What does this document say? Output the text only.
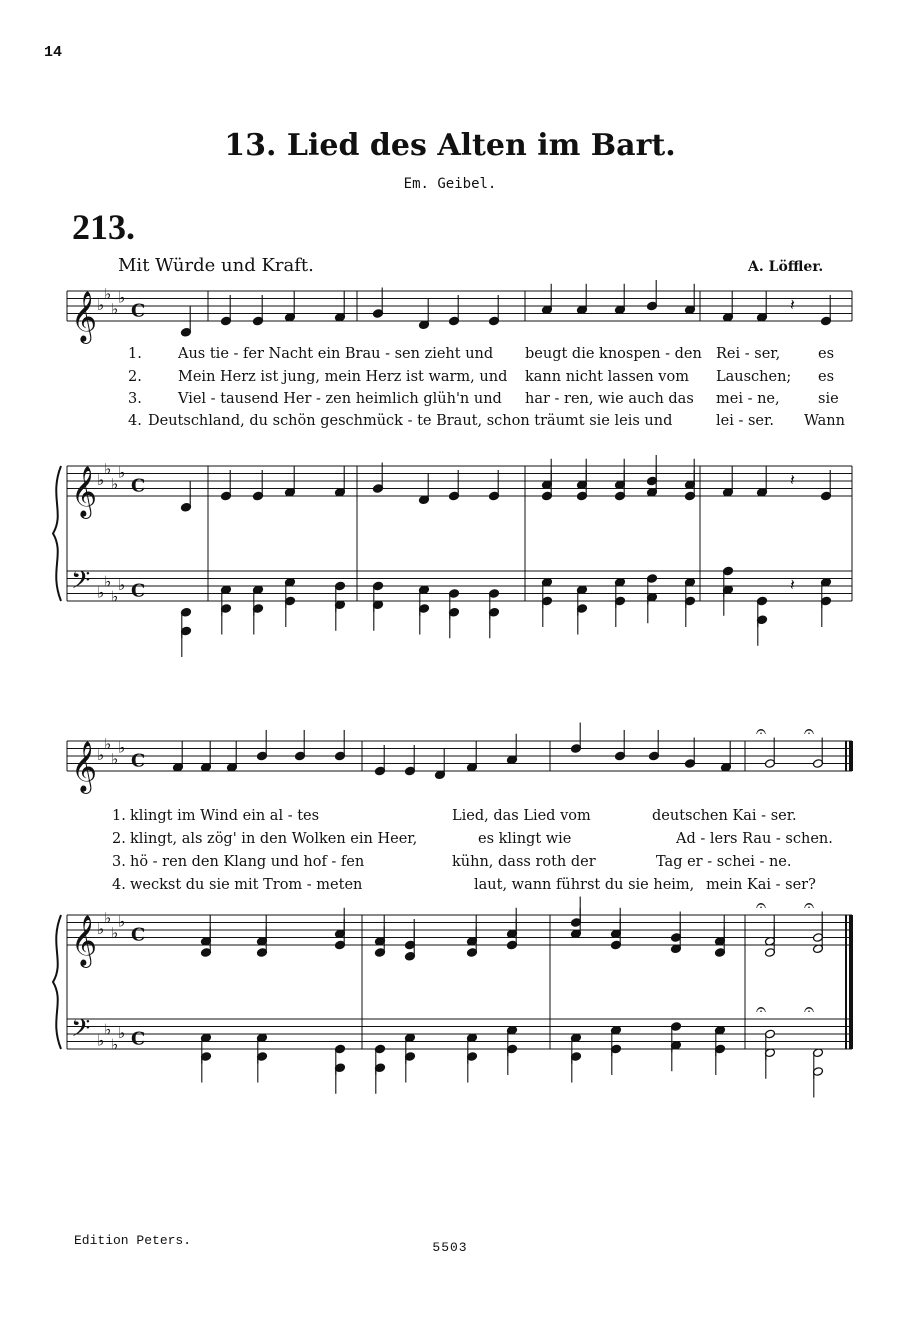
14
13. Lied des Alten im Bart.
Em. Geibel.
213.
Mit Würde und Kraft.	A. Löffler.
𝄞 ♭
♭
♭
♭
C
𝄞 ♭
♭
♭
♭
C
𝄢 ♭
♭
♭
♭ C
𝄽
𝄽
𝄽
𝄞 ♭
♭
♭
♭
C
𝄞 ♭
♭
♭
♭
C
𝄢 ♭
♭
♭
♭ C
𝄐 𝄐
𝄐 𝄐
𝄐 𝄐
1. Aus tie - fer Nacht ein Brau - sen zieht und beugt die knospen - den Rei - ser,	es
2. Mein Herz ist jung, mein Herz ist warm, und kann nicht lassen vom Lauschen; es
3. Viel - tausend Her - zen heimlich glüh'n und har - ren, wie auch das mei - ne,	sie
4. Deutschland, du schön geschmück - te Braut, schon träumt sie leis und	lei - ser. Wann
1. klingt im Wind ein al - tes	Lied, das Lied vom	deutschen Kai - ser.
2. klingt, als zög' in den Wolken ein Heer,	es klingt wie	Ad - lers Rau - schen.
3. hö - ren den Klang und hof - fen	kühn, dass roth der	Tag er - schei - ne.
4. weckst du sie mit Trom - meten	laut, wann führst du sie heim, mein Kai - ser?
Edition Peters.	5503
